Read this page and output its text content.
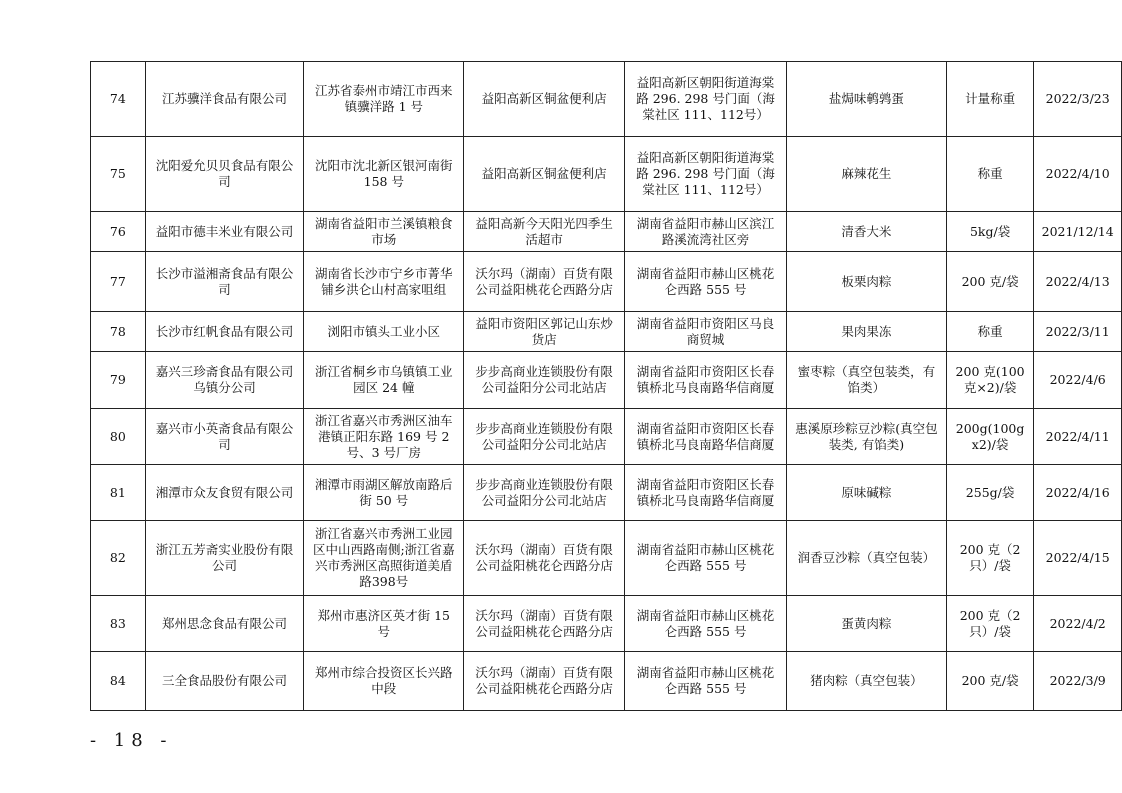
74	江苏骥洋食品有限公司	江苏省泰州市靖江市西来镇骥洋路 1 号	益阳高新区铜盆便利店	益阳高新区朝阳街道海棠路 296. 298 号门面（海棠社区 111、112号）	盐焗味鹌鹑蛋	计量称重	2022/3/23
75	沈阳爱允贝贝食品有限公司	沈阳市沈北新区银河南街 158 号	益阳高新区铜盆便利店	益阳高新区朝阳街道海棠路 296. 298 号门面（海棠社区 111、112号）	麻辣花生	称重	2022/4/10
76	益阳市德丰米业有限公司	湖南省益阳市兰溪镇粮食市场	益阳高新今天阳光四季生活超市	湖南省益阳市赫山区滨江路溪流湾社区旁	清香大米	5kg/袋	2021/12/14
77	长沙市溢湘斋食品有限公司	湖南省长沙市宁乡市菁华铺乡洪仑山村高家咀组	沃尔玛（湖南）百货有限公司益阳桃花仑西路分店	湖南省益阳市赫山区桃花仑西路 555 号	板栗肉粽	200 克/袋	2022/4/13
78	长沙市红帆食品有限公司	浏阳市镇头工业小区	益阳市资阳区郭记山东炒货店	湖南省益阳市资阳区马良商贸城	果肉果冻	称重	2022/3/11
79	嘉兴三珍斋食品有限公司乌镇分公司	浙江省桐乡市乌镇镇工业园区 24 幢	步步高商业连锁股份有限公司益阳分公司北站店	湖南省益阳市资阳区长春镇桥北马良南路华信商厦	蜜枣粽（真空包装类，有馅类）	200 克(100 克×2)/袋	2022/4/6
80	嘉兴市小英斋食品有限公司	浙江省嘉兴市秀洲区油车港镇正阳东路 169 号 2 号、3 号厂房	步步高商业连锁股份有限公司益阳分公司北站店	湖南省益阳市资阳区长春镇桥北马良南路华信商厦	惠溪原珍粽豆沙粽(真空包装类, 有馅类)	200g(100g x2)/袋	2022/4/11
81	湘潭市众友食贸有限公司	湘潭市雨湖区解放南路后街 50 号	步步高商业连锁股份有限公司益阳分公司北站店	湖南省益阳市资阳区长春镇桥北马良南路华信商厦	原味碱粽	255g/袋	2022/4/16
82	浙江五芳斋实业股份有限公司	浙江省嘉兴市秀洲工业园区中山西路南侧;浙江省嘉兴市秀洲区高照街道美盾路398号	沃尔玛（湖南）百货有限公司益阳桃花仑西路分店	湖南省益阳市赫山区桃花仑西路 555 号	润香豆沙粽（真空包装）	200 克（2只）/袋	2022/4/15
83	郑州思念食品有限公司	郑州市惠济区英才街 15 号	沃尔玛（湖南）百货有限公司益阳桃花仑西路分店	湖南省益阳市赫山区桃花仑西路 555 号	蛋黄肉粽	200 克（2只）/袋	2022/4/2
84	三全食品股份有限公司	郑州市综合投资区长兴路中段	沃尔玛（湖南）百货有限公司益阳桃花仑西路分店	湖南省益阳市赫山区桃花仑西路 555 号	猪肉粽（真空包装）	200 克/袋	2022/3/9
- 18 -
